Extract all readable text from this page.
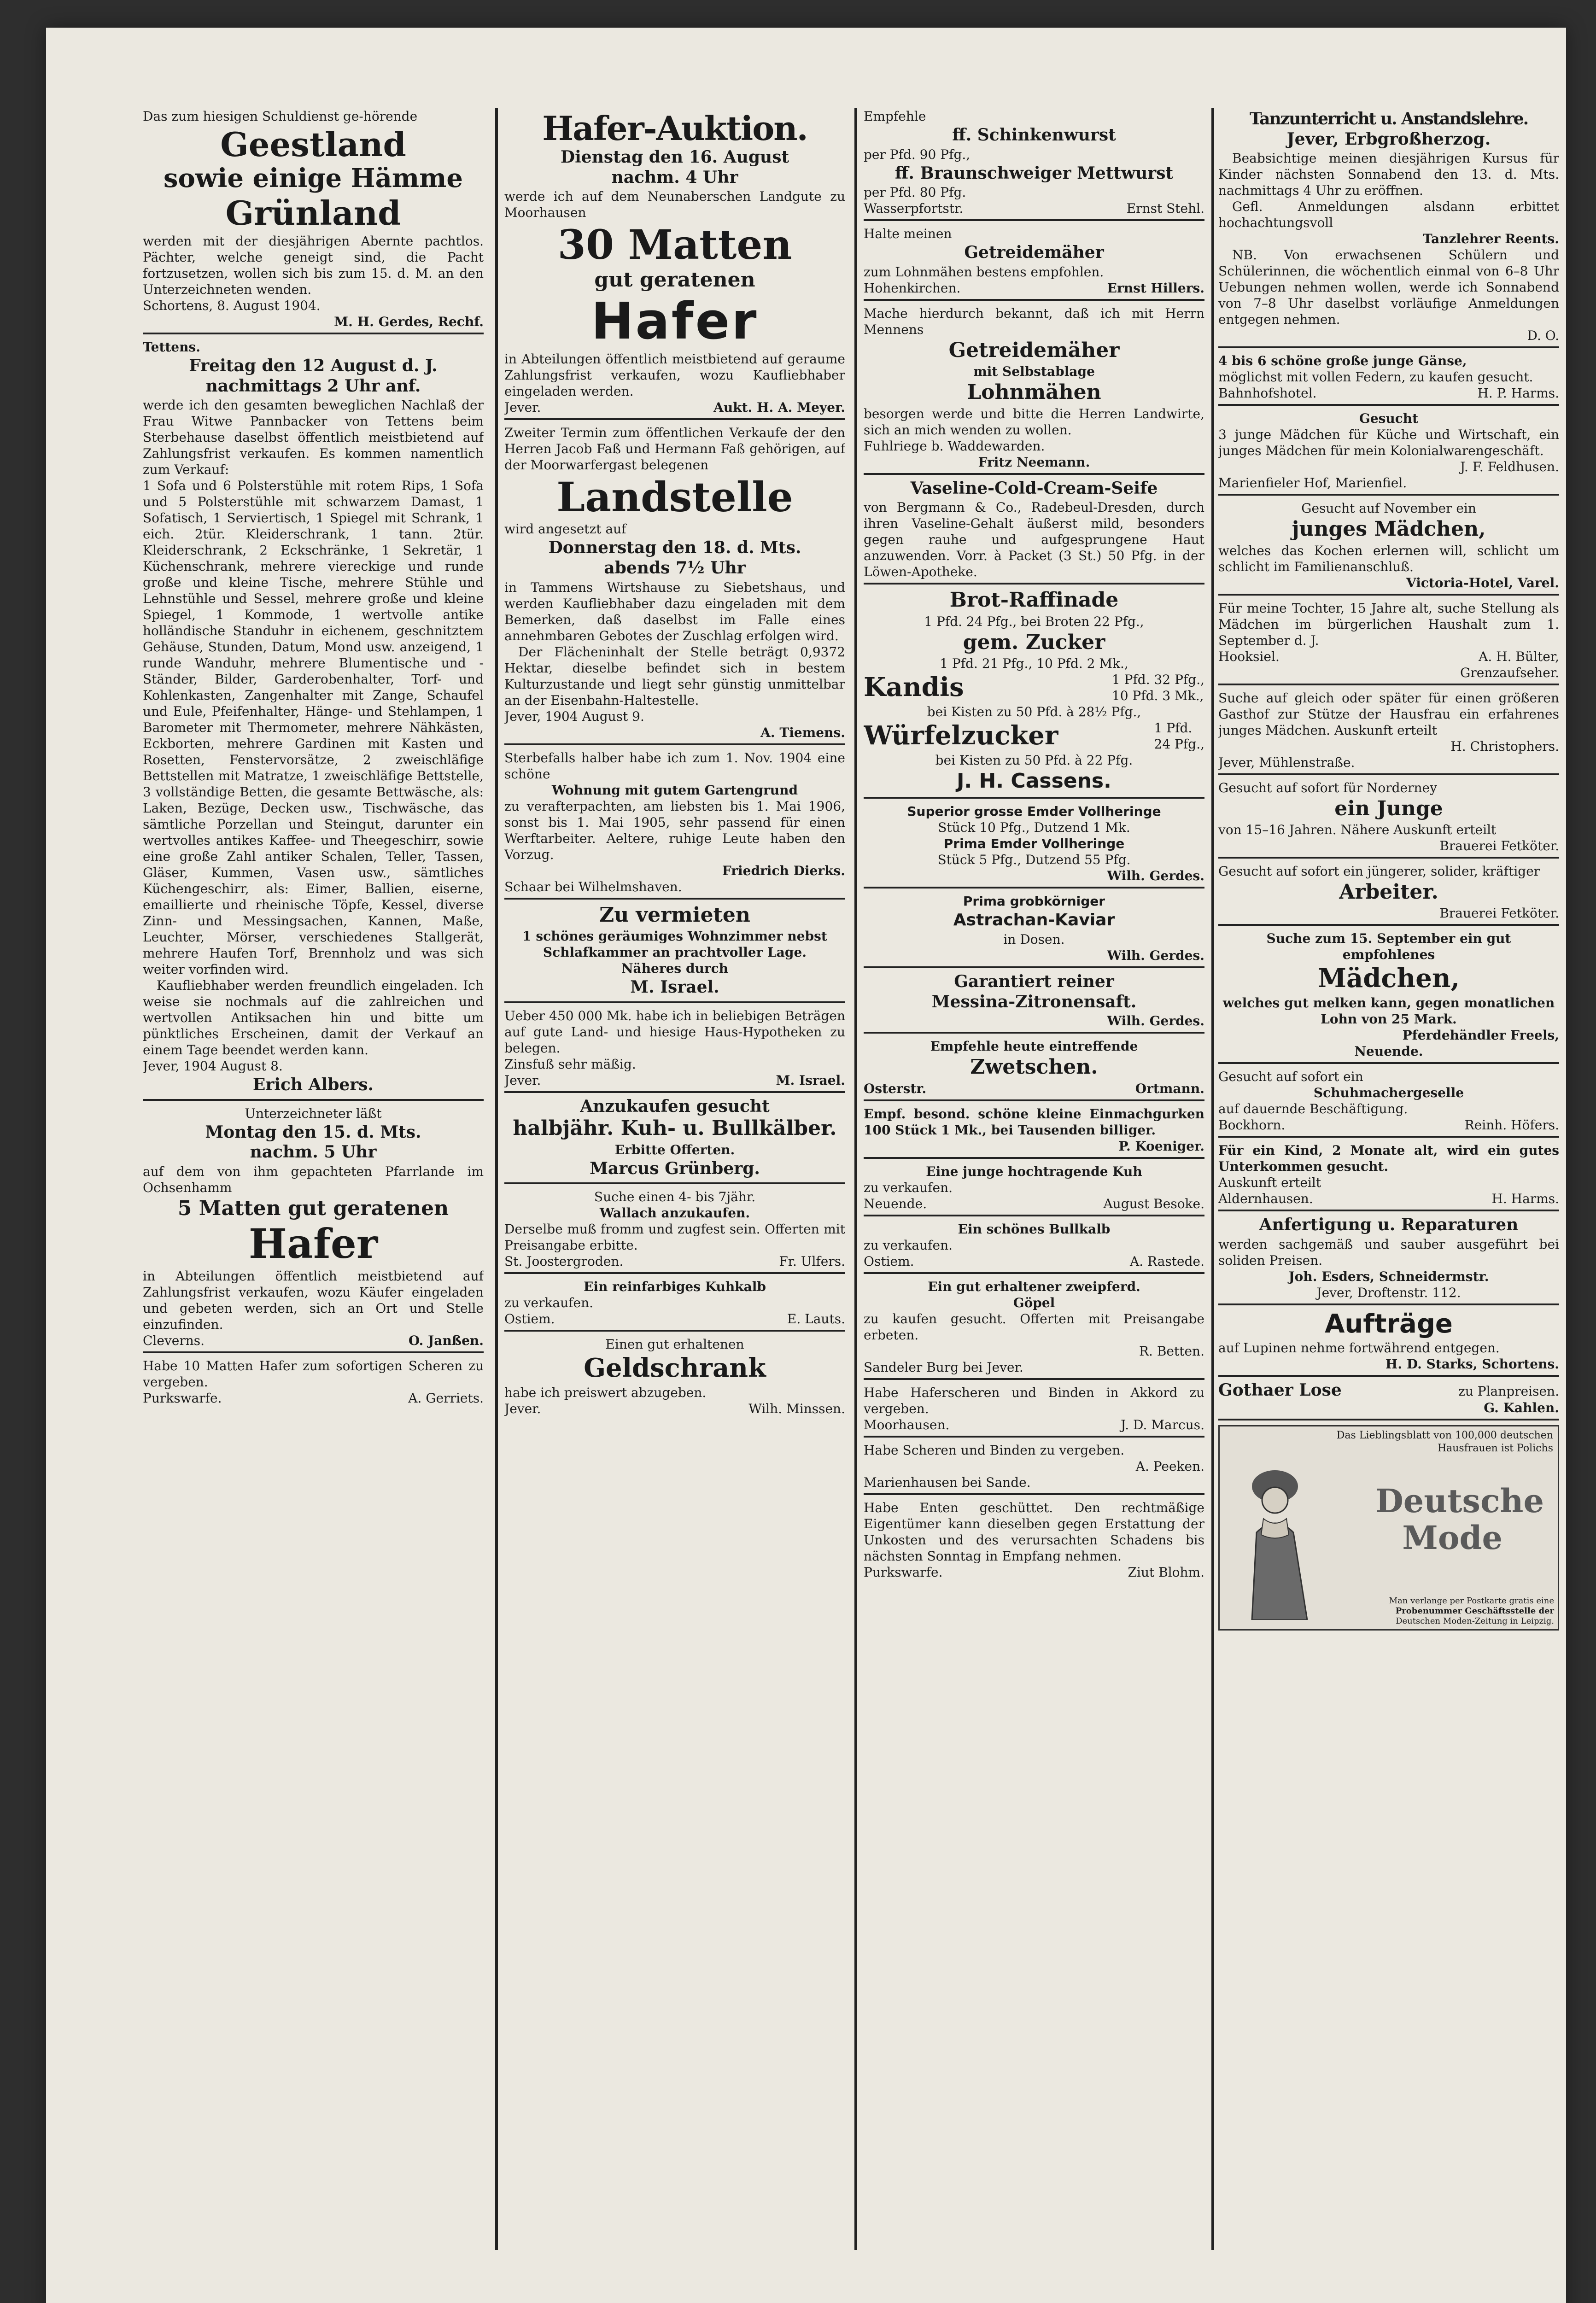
Das zum hiesigen Schuldienst ge-hörende

Geestland
sowie einige Hämme
Grünland

werden mit der diesjährigen Abernte pachtlos. Pächter, welche geneigt sind, die Pacht fortzusetzen, wollen sich bis zum 15. d. M. an den Unterzeichneten wenden.

Schortens, 8. August 1904.

M. H. Gerdes, Rechf.

Tettens.

Freitag den 12 August d. J.
nachmittags 2 Uhr anf.

werde ich den gesamten beweglichen Nachlaß der Frau Witwe Pannbacker von Tettens beim Sterbehause daselbst öffentlich meistbietend auf Zahlungsfrist verkaufen. Es kommen namentlich zum Verkauf:

1 Sofa und 6 Polsterstühle mit rotem Rips, 1 Sofa und 5 Polsterstühle mit schwarzem Damast, 1 Sofatisch, 1 Serviertisch, 1 Spiegel mit Schrank, 1 eich. 2tür. Kleiderschrank, 1 tann. 2tür. Kleiderschrank, 2 Eckschränke, 1 Sekretär, 1 Küchenschrank, mehrere viereckige und runde große und kleine Tische, mehrere Stühle und Lehnstühle und Sessel, mehrere große und kleine Spiegel, 1 Kommode, 1 wertvolle antike holländische Standuhr in eichenem, geschnitztem Gehäuse, Stunden, Datum, Mond usw. anzeigend, 1 runde Wanduhr, mehrere Blumentische und -Ständer, Bilder, Garderobenhalter, Torf- und Kohlenkasten, Zangenhalter mit Zange, Schaufel und Eule, Pfeifenhalter, Hänge- und Stehlampen, 1 Barometer mit Thermometer, mehrere Nähkästen, Eckborten, mehrere Gardinen mit Kasten und Rosetten, Fenstervorsätze, 2 zweischläfige Bettstellen mit Matratze, 1 zweischläfige Bettstelle, 3 vollständige Betten, die gesamte Bettwäsche, als: Laken, Bezüge, Decken usw., Tischwäsche, das sämtliche Porzellan und Steingut, darunter ein wertvolles antikes Kaffee- und Theegeschirr, sowie eine große Zahl antiker Schalen, Teller, Tassen, Gläser, Kummen, Vasen usw., sämtliches Küchengeschirr, als: Eimer, Ballien, eiserne, emaillierte und rheinische Töpfe, Kessel, diverse Zinn- und Messingsachen, Kannen, Maße, Leuchter, Mörser, verschiedenes Stallgerät, mehrere Haufen Torf, Brennholz und was sich weiter vorfinden wird.

Kaufliebhaber werden freundlich eingeladen. Ich weise sie nochmals auf die zahlreichen und wertvollen Antiksachen hin und bitte um pünktliches Erscheinen, damit der Verkauf an einem Tage beendet werden kann.

Jever, 1904 August 8.

Erich Albers.

Unterzeichneter läßt

Montag den 15. d. Mts.
nachm. 5 Uhr

auf dem von ihm gepachteten Pfarrlande im Ochsenhamm

5 Matten gut geratenen
Hafer

in Abteilungen öffentlich meistbietend auf Zahlungsfrist verkaufen, wozu Käufer eingeladen und gebeten werden, sich an Ort und Stelle einzufinden.

Cleverns.	O. Janßen.

Habe 10 Matten Hafer zum sofortigen Scheren zu vergeben.

Purkswarfe.	A. Gerriets.
Hafer-Auktion.
Dienstag den 16. August
nachm. 4 Uhr

werde ich auf dem Neunaberschen Landgute zu Moorhausen

30 Matten
gut geratenen
Hafer

in Abteilungen öffentlich meistbietend auf geraume Zahlungsfrist verkaufen, wozu Kaufliebhaber eingeladen werden.

Jever.	Aukt. H. A. Meyer.

Zweiter Termin zum öffentlichen Verkaufe der den Herren Jacob Faß und Hermann Faß gehörigen, auf der Moorwarfergast belegenen

Landstelle

wird angesetzt auf

Donnerstag den 18. d. Mts.
abends 7½ Uhr

in Tammens Wirtshause zu Siebetshaus, und werden Kaufliebhaber dazu eingeladen mit dem Bemerken, daß daselbst im Falle eines annehmbaren Gebotes der Zuschlag erfolgen wird.

Der Flächeninhalt der Stelle beträgt 0,9372 Hektar, dieselbe befindet sich in bestem Kulturzustande und liegt sehr günstig unmittelbar an der Eisenbahn-Haltestelle.

Jever, 1904 August 9.

A. Tiemens.

Sterbefalls halber habe ich zum 1. Nov. 1904 eine schöne

Wohnung mit gutem Gartengrund

zu verafterpachten, am liebsten bis 1. Mai 1906, sonst bis 1. Mai 1905, sehr passend für einen Werftarbeiter. Aeltere, ruhige Leute haben den Vorzug.

Friedrich Dierks.

Schaar bei Wilhelmshaven.

Zu vermieten

1 schönes geräumiges Wohnzimmer nebst Schlafkammer an prachtvoller Lage.

Näheres durch

M. Israel.

Ueber 450 000 Mk. habe ich in beliebigen Beträgen auf gute Land- und hiesige Haus-Hypotheken zu belegen.

Zinsfuß sehr mäßig.

Jever.	M. Israel.
Anzukaufen gesucht
halbjähr. Kuh- u. Bullkälber.

Erbitte Offerten.

Marcus Grünberg.

Suche einen 4- bis 7jähr.

Wallach anzukaufen.

Derselbe muß fromm und zugfest sein. Offerten mit Preisangabe erbitte.

St. Joostergroden.	Fr. Ulfers.

Ein reinfarbiges Kuhkalb

zu verkaufen.

Ostiem.	E. Lauts.

Einen gut erhaltenen

Geldschrank

habe ich preiswert abzugeben.

Jever.	Wilh. Minssen.

Empfehle

ff. Schinkenwurst

per Pfd. 90 Pfg.,

ff. Braunschweiger Mettwurst

per Pfd. 80 Pfg.

Wasserpfortstr.	Ernst Stehl.

Halte meinen

Getreidemäher

zum Lohnmähen bestens empfohlen.

Hohenkirchen.	Ernst Hillers.

Mache hierdurch bekannt, daß ich mit Herrn Mennens

Getreidemäher

mit Selbstablage

Lohnmähen

besorgen werde und bitte die Herren Landwirte, sich an mich wenden zu wollen.

Fuhlriege b. Waddewarden.

Fritz Neemann.

Vaseline-Cold-Cream-Seife

von Bergmann & Co., Radebeul-Dresden, durch ihren Vaseline-Gehalt äußerst mild, besonders gegen rauhe und aufgesprungene Haut anzuwenden. Vorr. à Packet (3 St.) 50 Pfg. in der Löwen-Apotheke.

Brot-Raffinade

1 Pfd. 24 Pfg., bei Broten 22 Pfg.,

gem. Zucker

1 Pfd. 21 Pfg., 10 Pfd. 2 Mk.,

Kandis	1 Pfd. 32 Pfg.,

10 Pfd. 3 Mk.,

bei Kisten zu 50 Pfd. à 28½ Pfg.,

Würfelzucker	1 Pfd.

24 Pfg.,

bei Kisten zu 50 Pfd. à 22 Pfg.

J. H. Cassens.

Superior grosse Emder Vollheringe

Stück 10 Pfg., Dutzend 1 Mk.

Prima Emder Vollheringe

Stück 5 Pfg., Dutzend 55 Pfg.

Wilh. Gerdes.

Prima grobkörniger

Astrachan-Kaviar

in Dosen.

Wilh. Gerdes.

Garantiert reiner
Messina-Zitronensaft.

Wilh. Gerdes.

Empfehle heute eintreffende

Zwetschen.
Osterstr.	Ortmann.

Empf. besond. schöne kleine Einmachgurken 100 Stück 1 Mk., bei Tausenden billiger.

P. Koeniger.

Eine junge hochtragende Kuh

zu verkaufen.

Neuende.	August Besoke.

Ein schönes Bullkalb

zu verkaufen.

Ostiem.	A. Rastede.

Ein gut erhaltener zweipferd.

Göpel

zu kaufen gesucht. Offerten mit Preisangabe erbeten.

R. Betten.

Sandeler Burg bei Jever.

Habe Haferscheren und Binden in Akkord zu vergeben.

Moorhausen.	J. D. Marcus.

Habe Scheren und Binden zu vergeben.

A. Peeken.

Marienhausen bei Sande.

Habe Enten geschüttet. Den rechtmäßige Eigentümer kann dieselben gegen Erstattung der Unkosten und des verursachten Schadens bis nächsten Sonntag in Empfang nehmen.

Purkswarfe.	Ziut Blohm.
Tanzunterricht u. Anstandslehre.
Jever, Erbgroßherzog.

Beabsichtige meinen diesjährigen Kursus für Kinder nächsten Sonnabend den 13. d. Mts. nachmittags 4 Uhr zu eröffnen.

Gefl. Anmeldungen alsdann erbittet hochachtungsvoll

Tanzlehrer Reents.

NB. Von erwachsenen Schülern und Schülerinnen, die wöchentlich einmal von 6–8 Uhr Uebungen nehmen wollen, werde ich Sonnabend von 7–8 Uhr daselbst vorläufige Anmeldungen entgegen nehmen.

D. O.

4 bis 6 schöne große junge Gänse,

möglichst mit vollen Federn, zu kaufen gesucht.

Bahnhofshotel.	H. P. Harms.

Gesucht

3 junge Mädchen für Küche und Wirtschaft, ein junges Mädchen für mein Kolonialwarengeschäft.

J. F. Feldhusen.

Marienfieler Hof, Marienfiel.

Gesucht auf November ein

junges Mädchen,

welches das Kochen erlernen will, schlicht um schlicht im Familienanschluß.

Victoria-Hotel, Varel.

Für meine Tochter, 15 Jahre alt, suche Stellung als Mädchen im bürgerlichen Haushalt zum 1. September d. J.

Hooksiel.	A. H. Bülter,

Grenzaufseher.

Suche auf gleich oder später für einen größeren Gasthof zur Stütze der Hausfrau ein erfahrenes junges Mädchen. Auskunft erteilt

H. Christophers.

Jever, Mühlenstraße.

Gesucht auf sofort für Norderney

ein Junge

von 15–16 Jahren. Nähere Auskunft erteilt

Brauerei Fetköter.

Gesucht auf sofort ein jüngerer, solider, kräftiger

Arbeiter.

Brauerei Fetköter.

Suche zum 15. September ein gut empfohlenes

Mädchen,

welches gut melken kann, gegen monatlichen Lohn von 25 Mark.

Pferdehändler Freels,

Neuende.

Gesucht auf sofort ein

Schuhmachergeselle

auf dauernde Beschäftigung.

Bockhorn.	Reinh. Höfers.

Für ein Kind, 2 Monate alt, wird ein gutes Unterkommen gesucht.

Auskunft erteilt

Aldernhausen.	H. Harms.
Anfertigung u. Reparaturen

werden sachgemäß und sauber ausgeführt bei soliden Preisen.

Joh. Esders, Schneidermstr.

Jever, Droftenstr. 112.

Aufträge

auf Lupinen nehme fortwährend entgegen.

H. D. Starks, Schortens.

Gothaer Lose	zu Planpreisen.

G. Kahlen.

Das Lieblingsblatt von 100,000 deutschen
Hausfrauen ist Polichs
Deutsche
Mode
Man verlange per Postkarte gratis eine
Probenummer Geschäftsstelle der
Deutschen Moden-Zeitung in Leipzig.
